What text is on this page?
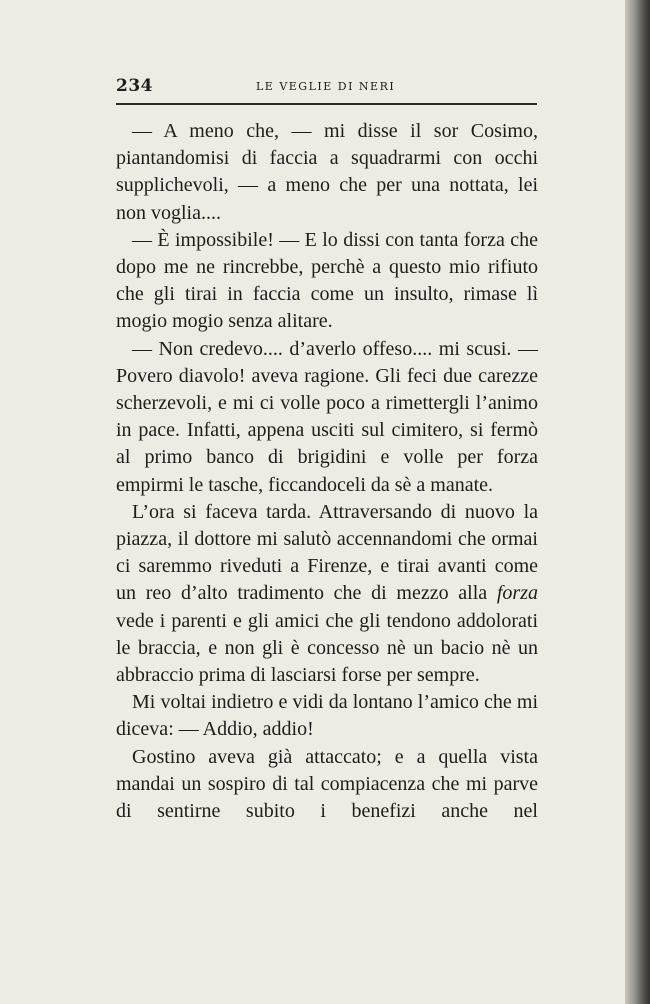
234	LE VEGLIE DI NERI

— A meno che, — mi disse il sor Cosimo, piantandomisi di faccia a squadrarmi con occhi supplichevoli, — a meno che per una nottata, lei non voglia....

— È impossibile! — E lo dissi con tanta forza che dopo me ne rincrebbe, perchè a questo mio rifiuto che gli tirai in faccia come un insulto, rimase lì mogio mogio senza alitare.

— Non credevo.... d’averlo offeso.... mi scusi. — Povero diavolo! aveva ragione. Gli feci due carezze scherzevoli, e mi ci volle poco a rimettergli l’animo in pace. Infatti, appena usciti sul cimitero, si fermò al primo banco di brigidini e volle per forza empirmi le tasche, ficcandoceli da sè a manate.

L’ora si faceva tarda. Attraversando di nuovo la piazza, il dottore mi salutò accennandomi che ormai ci saremmo riveduti a Firenze, e tirai avanti come un reo d’alto tradimento che di mezzo alla forza vede i parenti e gli amici che gli tendono addolorati le braccia, e non gli è concesso nè un bacio nè un abbraccio prima di lasciarsi forse per sempre.

Mi voltai indietro e vidi da lontano l’amico che mi diceva: — Addio, addio!

Gostino aveva già attaccato; e a quella vista mandai un sospiro di tal compiacenza che mi parve di sentirne subito i benefizi anche nel
